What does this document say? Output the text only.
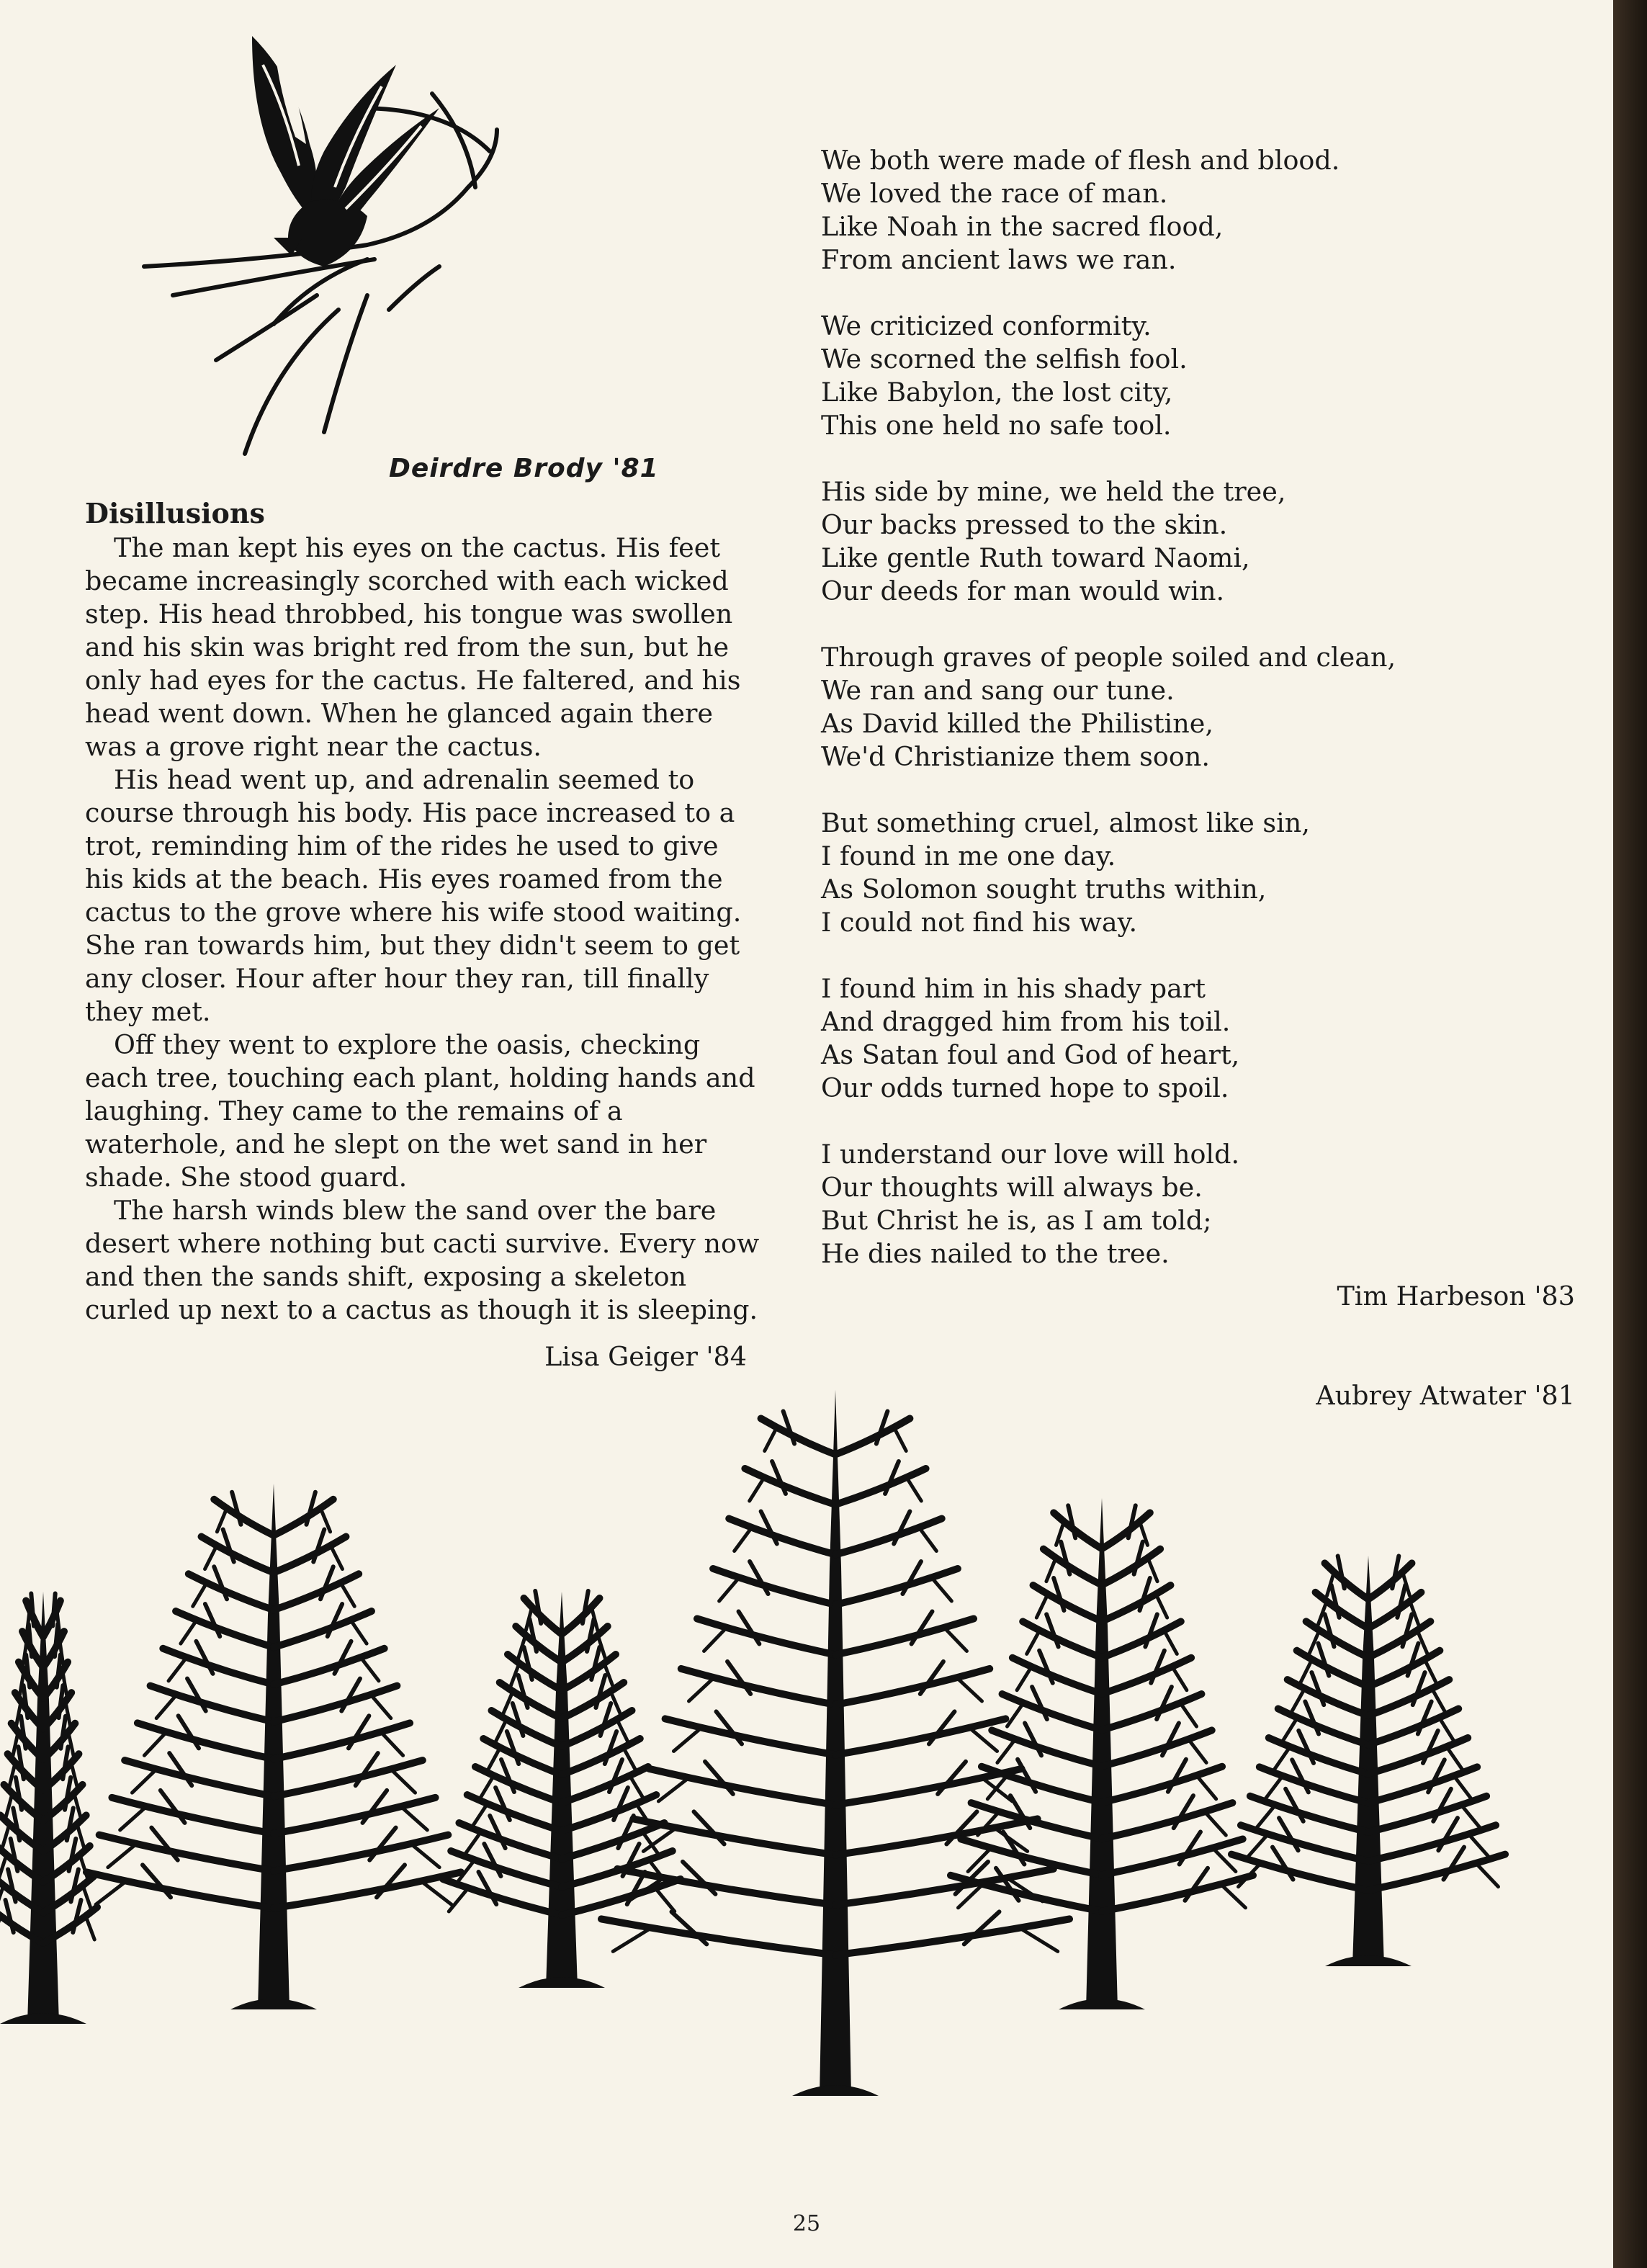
Deirdre Brody '81
Disillusions

The man kept his eyes on the cactus. His feet became increasingly scorched with each wicked step. His head throbbed, his tongue was swollen and his skin was bright red from the sun, but he only had eyes for the cactus. He faltered, and his head went down. When he glanced again there was a grove right near the cactus.

His head went up, and adrenalin seemed to course through his body. His pace increased to a trot, reminding him of the rides he used to give his kids at the beach. His eyes roamed from the cactus to the grove where his wife stood waiting. She ran towards him, but they didn't seem to get any closer. Hour after hour they ran, till finally they met.

Off they went to explore the oasis, checking each tree, touching each plant, holding hands and laughing. They came to the remains of a waterhole, and he slept on the wet sand in her shade. She stood guard.

The harsh winds blew the sand over the bare desert where nothing but cacti survive. Every now and then the sands shift, exposing a skeleton curled up next to a cactus as though it is sleeping.

Lisa Geiger '84
We both were made of flesh and blood.
We loved the race of man.
Like Noah in the sacred flood,
From ancient laws we ran.
We criticized conformity.
We scorned the selfish fool.
Like Babylon, the lost city,
This one held no safe tool.
His side by mine, we held the tree,
Our backs pressed to the skin.
Like gentle Ruth toward Naomi,
Our deeds for man would win.
Through graves of people soiled and clean,
We ran and sang our tune.
As David killed the Philistine,
We'd Christianize them soon.
But something cruel, almost like sin,
I found in me one day.
As Solomon sought truths within,
I could not find his way.
I found him in his shady part
And dragged him from his toil.
As Satan foul and God of heart,
Our odds turned hope to spoil.
I understand our love will hold.
Our thoughts will always be.
But Christ he is, as I am told;
He dies nailed to the tree.
Tim Harbeson '83
Aubrey Atwater '81
25
